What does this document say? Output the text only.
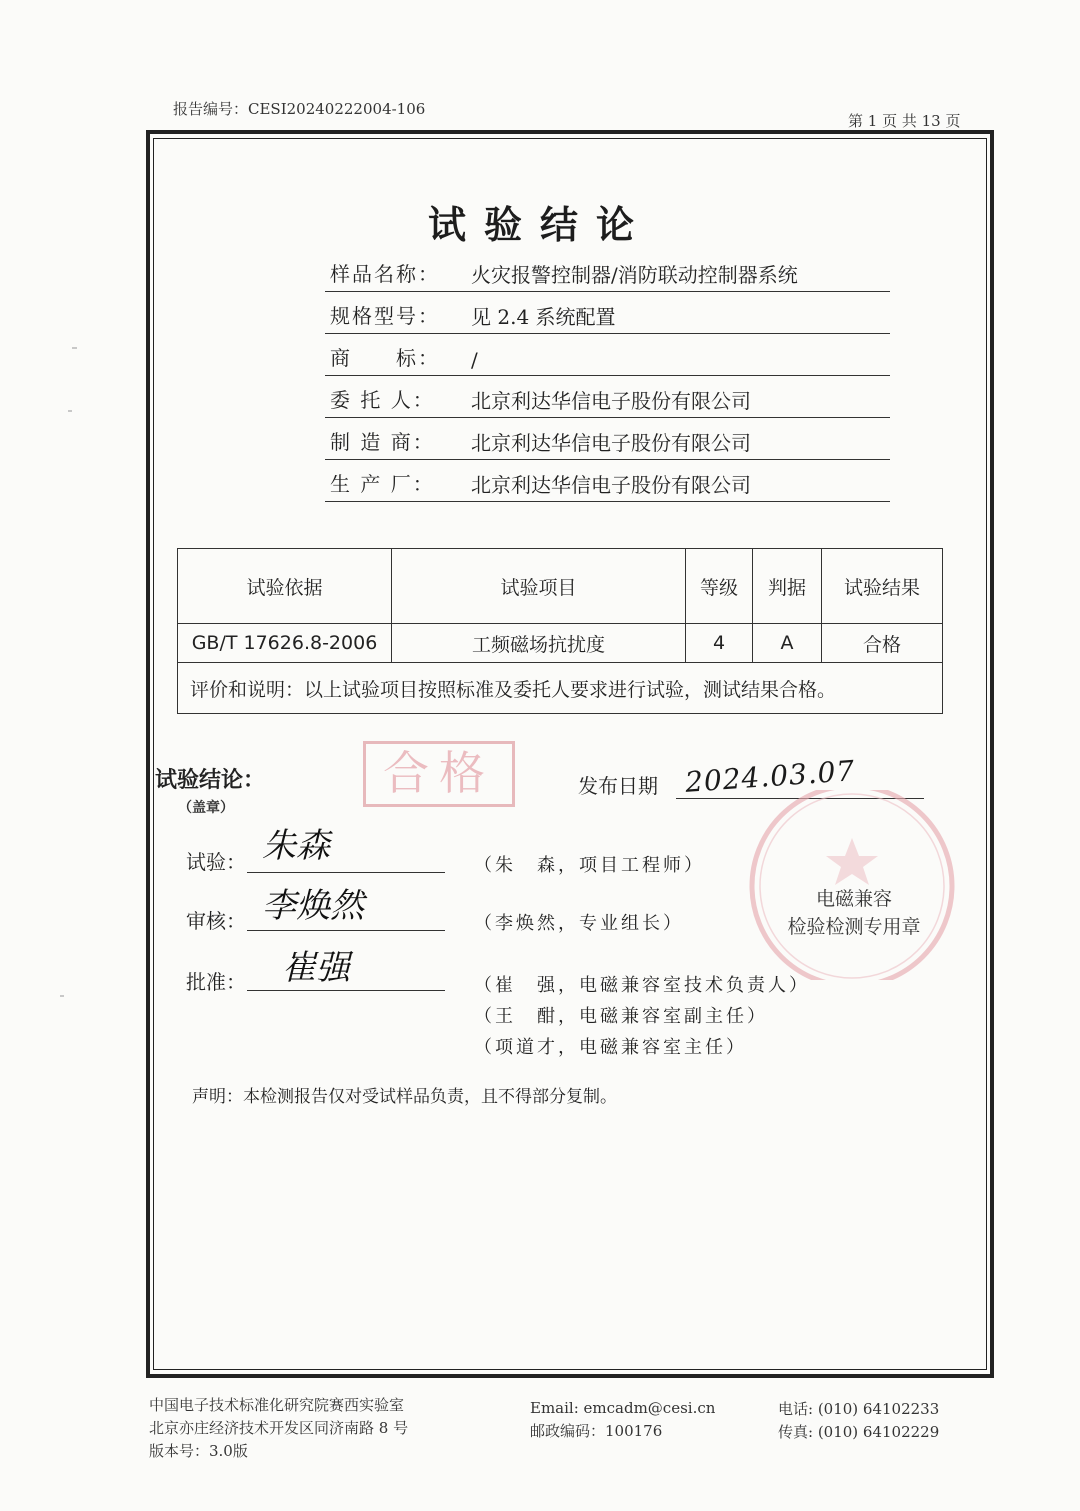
报告编号：CESI20240222004-106
第 1 页 共 13 页
试验结论
样品名称：	火灾报警控制器/消防联动控制器系统
规格型号：	见 2.4 系统配置
商　　标：	/
委 托 人：	北京利达华信电子股份有限公司
制 造 商：	北京利达华信电子股份有限公司
生 产 厂：	北京利达华信电子股份有限公司
试验依据	试验项目	等级	判据	试验结果
GB/T 17626.8-2006	工频磁场抗扰度	4	A	合格
评价和说明：以上试验项目按照标准及委托人要求进行试验，测试结果合格。				
试验结论：
（盖章）
合格	发布日期 2024.03.07
试验： 朱森	（朱　森，项目工程师）
审核： 李焕然	（李焕然，专业组长）
批准： 崔强	（崔　强，电磁兼容室技术负责人）
（王　酣，电磁兼容室副主任）
（项道才，电磁兼容室主任）
电磁兼容
检验检测专用章
声明：本检测报告仅对受试样品负责，且不得部分复制。
中国电子技术标准化研究院赛西实验室
北京亦庄经济技术开发区同济南路 8 号
版本号：3.0版
Email: emcadm@cesi.cn
邮政编码：100176
电话: (010) 64102233
传真: (010) 64102229
